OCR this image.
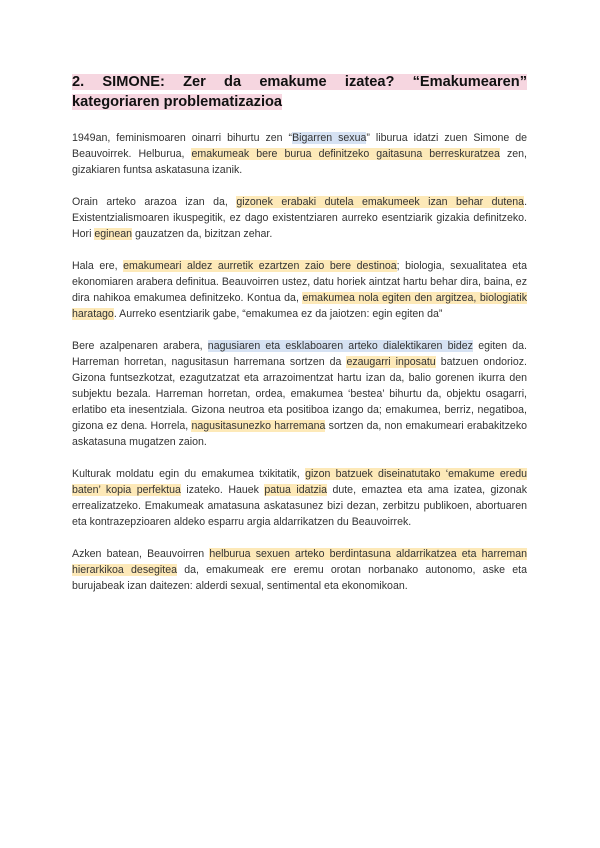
2. SIMONE: Zer da emakume izatea? “Emakumearen” kategoriaren problematizazioa

1949an, feminismoaren oinarri bihurtu zen “Bigarren sexua” liburua idatzi zuen Simone de Beauvoirrek. Helburua, emakumeak bere burua definitzeko gaitasuna berreskuratzea zen, gizakiaren funtsa askatasuna izanik.

Orain arteko arazoa izan da, gizonek erabaki dutela emakumeek izan behar dutena. Existentzialismoaren ikuspegitik, ez dago existentziaren aurreko esentziarik gizakia definitzeko. Hori eginean gauzatzen da, bizitzan zehar.

Hala ere, emakumeari aldez aurretik ezartzen zaio bere destinoa; biologia, sexualitatea eta ekonomiaren arabera definitua. Beauvoirren ustez, datu horiek aintzat hartu behar dira, baina, ez dira nahikoa emakumea definitzeko. Kontua da, emakumea nola egiten den argitzea, biologiatik haratago. Aurreko esentziarik gabe, “emakumea ez da jaiotzen: egin egiten da”

Bere azalpenaren arabera, nagusiaren eta esklaboaren arteko dialektikaren bidez egiten da. Harreman horretan, nagusitasun harremana sortzen da ezaugarri inposatu batzuen ondorioz. Gizona funtsezkotzat, ezagutzatzat eta arrazoimentzat hartu izan da, balio gorenen ikurra den subjektu bezala. Harreman horretan, ordea, emakumea ‘bestea’ bihurtu da, objektu osagarri, erlatibo eta inesentziala. Gizona neutroa eta positiboa izango da; emakumea, berriz, negatiboa, gizona ez dena. Horrela, nagusitasunezko harremana sortzen da, non emakumeari erabakitzeko askatasuna mugatzen zaion.

Kulturak moldatu egin du emakumea txikitatik, gizon batzuek diseinatutako ‘emakume eredu baten’ kopia perfektua izateko. Hauek patua idatzia dute, emaztea eta ama izatea, gizonak errealizatzeko. Emakumeak amatasuna askatasunez bizi dezan, zerbitzu publikoen, abortuaren eta kontrazepzioaren aldeko esparru argia aldarrikatzen du Beauvoirrek.

Azken batean, Beauvoirren helburua sexuen arteko berdintasuna aldarrikatzea eta harreman hierarkikoa desegitea da, emakumeak ere eremu orotan norbanako autonomo, aske eta burujabeak izan daitezen: alderdi sexual, sentimental eta ekonomikoan.
